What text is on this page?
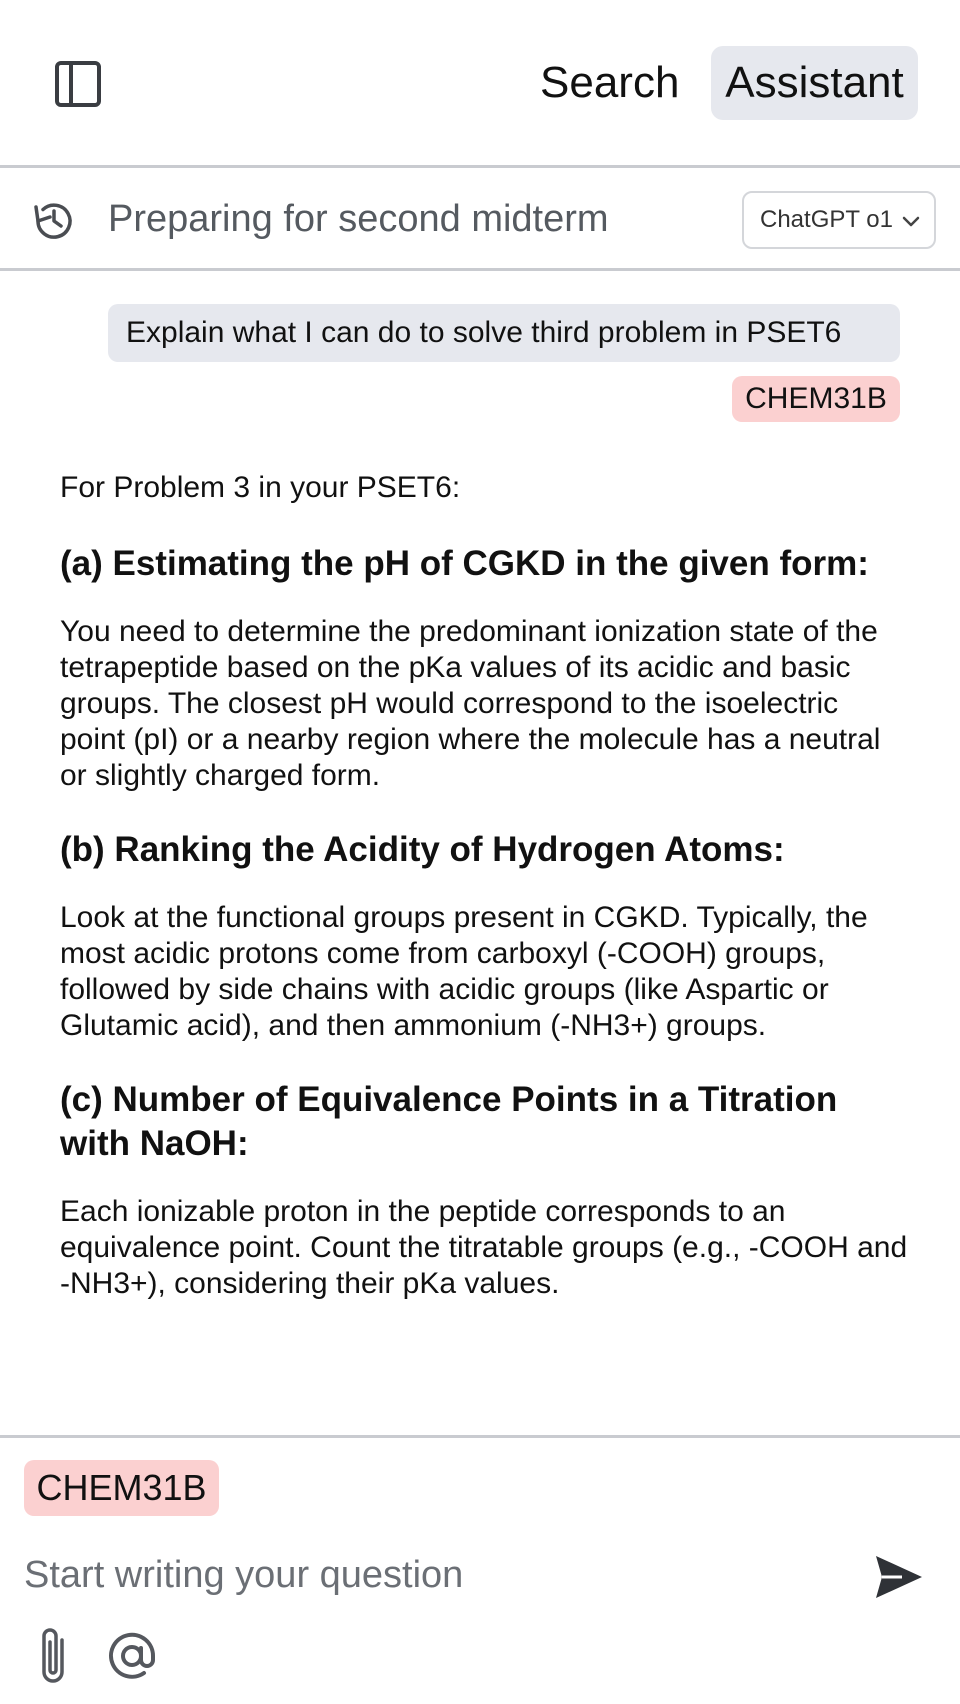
Search	Assistant
Preparing for second midterm	ChatGPT o1
Explain what I can do to solve third problem in PSET6
CHEM31B

For Problem 3 in your PSET6:

(a) Estimating the pH of CGKD in the given form:

You need to determine the predominant ionization state of the tetrapeptide based on the pKa values of its acidic and basic groups. The closest pH would correspond to the isoelectric point (pI) or a nearby region where the molecule has a neutral or slightly charged form.

(b) Ranking the Acidity of Hydrogen Atoms:

Look at the functional groups present in CGKD. Typically, the most acidic protons come from carboxyl (-COOH) groups, followed by side chains with acidic groups (like Aspartic or Glutamic acid), and then ammonium (-NH3+) groups.

(c) Number of Equivalence Points in a Titration with NaOH:

Each ionizable proton in the peptide corresponds to an equivalence point. Count the titratable groups (e.g., -COOH and -NH3+), considering their pKa values.

CHEM31B
Start writing your question
